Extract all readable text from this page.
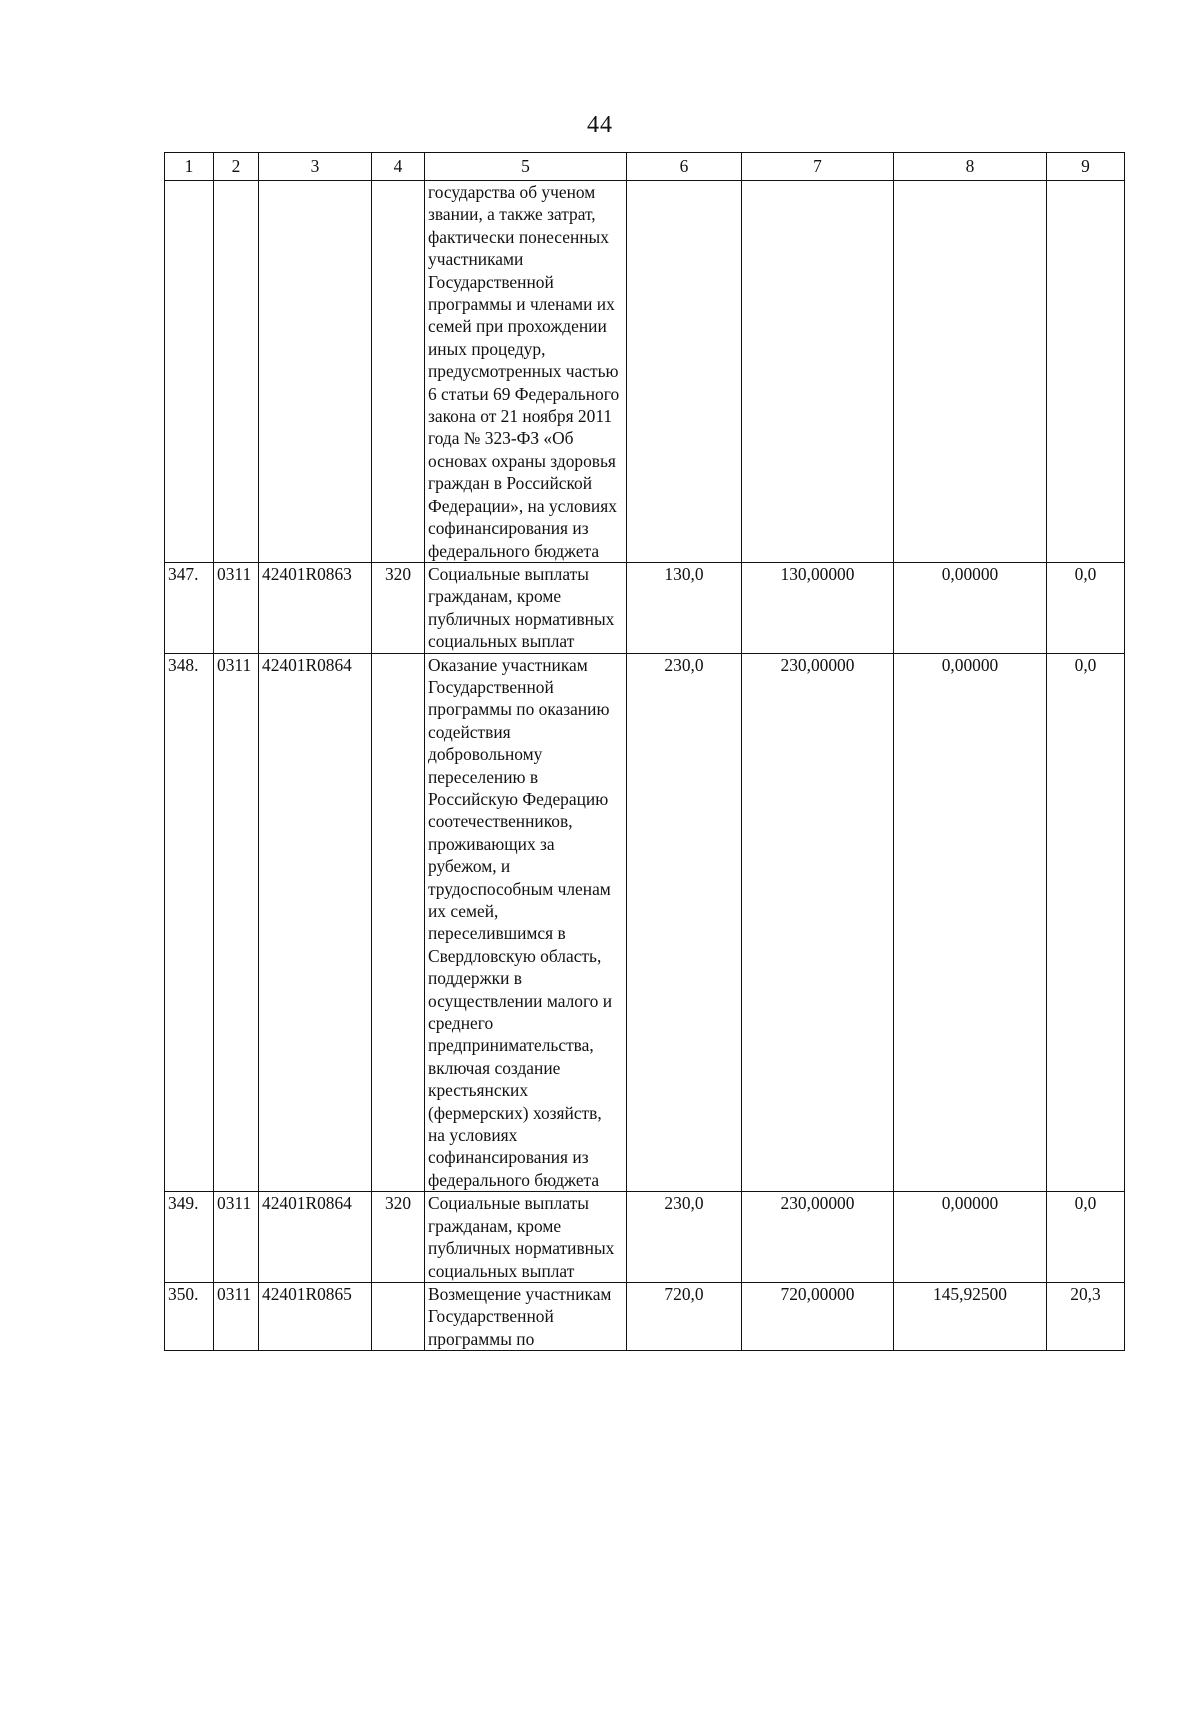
44
1	2	3	4	5	6	7	8	9
				государства об ученом звании, а также затрат, фактически понесенных участниками Государственной программы и членами их семей при прохождении иных процедур, предусмотренных частью 6 статьи 69 Федерального закона от 21 ноября 2011 года № 323-ФЗ «Об основах охраны здоровья граждан в Российской Федерации», на условиях софинансирования из федерального бюджета				
347.	0311	42401R0863	320	Социальные выплаты гражданам, кроме публичных нормативных социальных выплат	130,0	130,00000	0,00000	0,0
348.	0311	42401R0864		Оказание участникам Государственной программы по оказанию содействия добровольному переселению в Российскую Федерацию соотечественников, проживающих за рубежом, и трудоспособным членам их семей, переселившимся в Свердловскую область, поддержки в осуществлении малого и среднего предпринимательства, включая создание крестьянских (фермерских) хозяйств, на условиях софинансирования из федерального бюджета	230,0	230,00000	0,00000	0,0
349.	0311	42401R0864	320	Социальные выплаты гражданам, кроме публичных нормативных социальных выплат	230,0	230,00000	0,00000	0,0
350.	0311	42401R0865		Возмещение участникам Государственной программы по	720,0	720,00000	145,92500	20,3
